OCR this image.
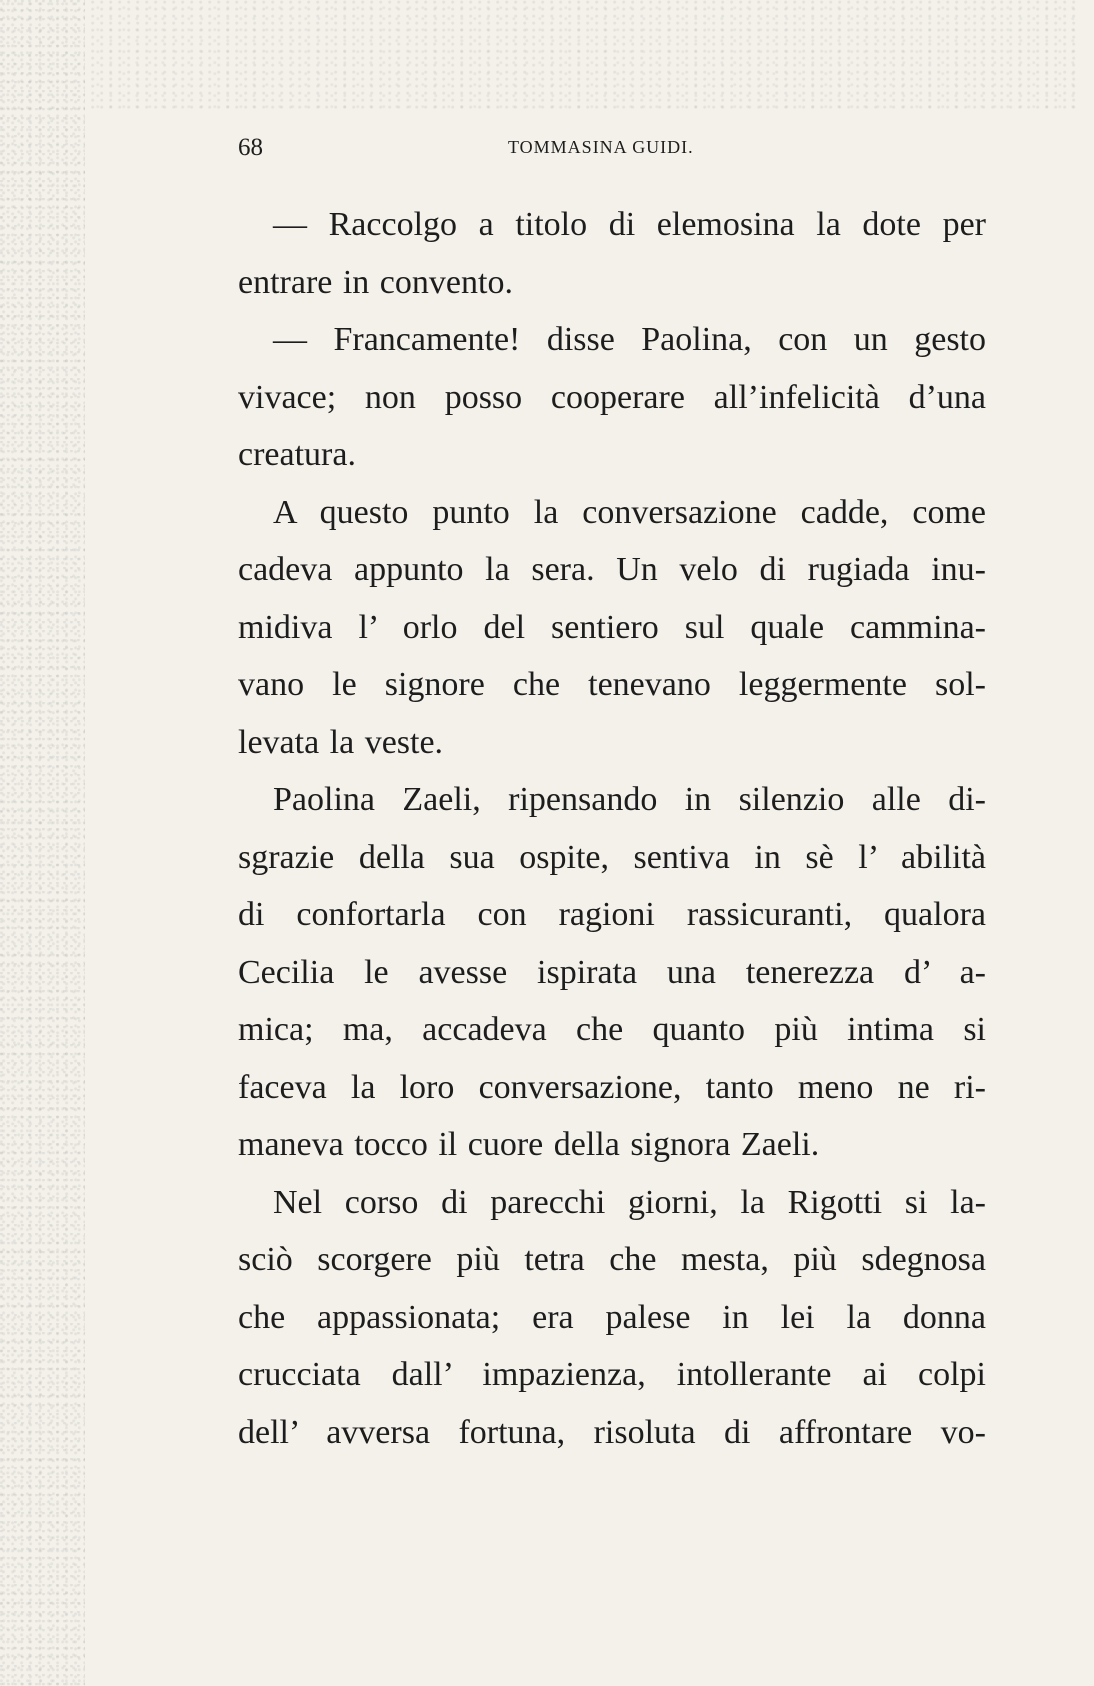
68	TOMMASINA GUIDI.

— Raccolgo a titolo di elemosina la dote per
entrare in convento.

— Francamente! disse Paolina, con un gesto
vivace; non posso cooperare all’infelicità d’una
creatura.

A questo punto la conversazione cadde, come
cadeva appunto la sera. Un velo di rugiada inu-
midiva l’ orlo del sentiero sul quale cammina-
vano le signore che tenevano leggermente sol-
levata la veste.

Paolina Zaeli, ripensando in silenzio alle di-
sgrazie della sua ospite, sentiva in sè l’ abilità
di confortarla con ragioni rassicuranti, qualora
Cecilia le avesse ispirata una tenerezza d’ a-
mica; ma, accadeva che quanto più intima si
faceva la loro conversazione, tanto meno ne ri-
maneva tocco il cuore della signora Zaeli.

Nel corso di parecchi giorni, la Rigotti si la-
sciò scorgere più tetra che mesta, più sdegnosa
che appassionata; era palese in lei la donna
crucciata dall’ impazienza, intollerante ai colpi
dell’ avversa fortuna, risoluta di affrontare vo-
